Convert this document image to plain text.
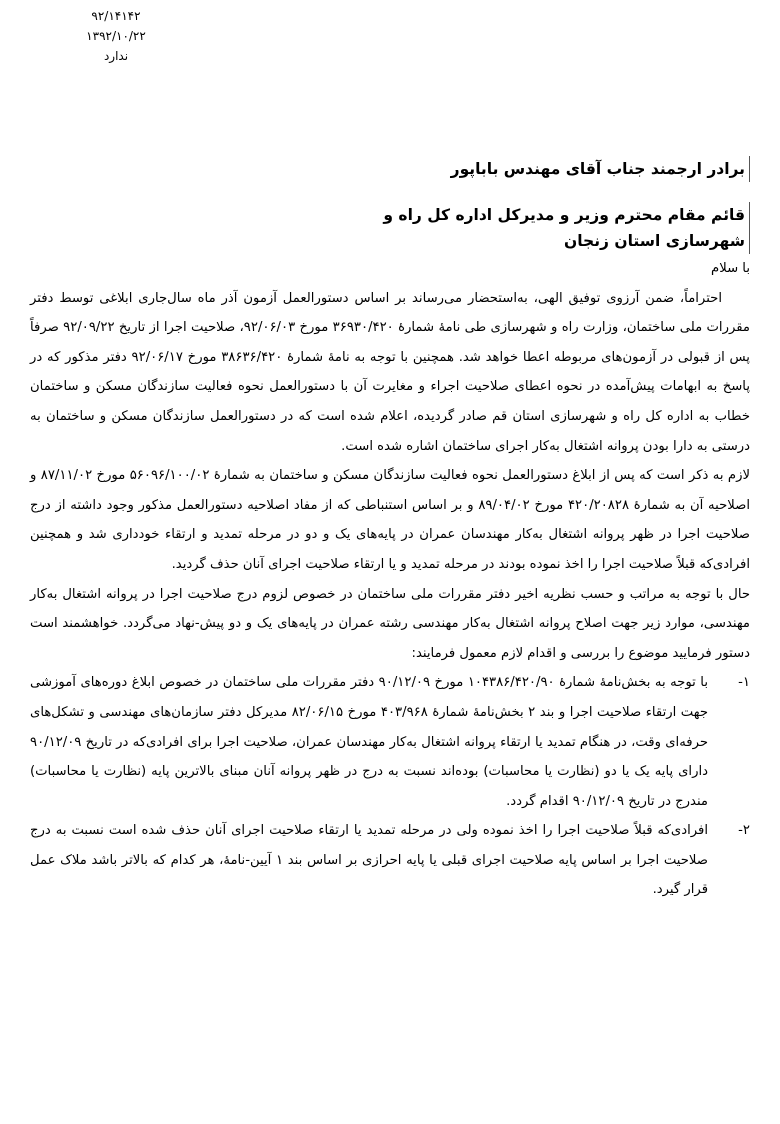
۹۲/۱۴۱۴۲
۱۳۹۲/۱۰/۲۲
ندارد
برادر ارجمند جناب آقای مهندس باباپور
قائم مقام محترم وزیر و مدیرکل اداره کل راه و شهرسازی استان زنجان

با سلام

احتراماً، ضمن آرزوی توفیق الهی، به‌استحضار می‌رساند بر اساس دستورالعمل آزمون آذر ماه سال‌جاری ابلاغی توسط دفتر مقررات ملی ساختمان، وزارت راه و شهرسازی طی نامهٔ شمارهٔ ۳۶۹۳۰/۴۲۰ مورخ ۹۲/۰۶/۰۳، صلاحیت اجرا از تاریخ ۹۲/۰۹/۲۲ صرفاً پس از قبولی در آزمون‌های مربوطه اعطا خواهد شد. همچنین با توجه به نامهٔ شمارهٔ ۳۸۶۳۶/۴۲۰ مورخ ۹۲/۰۶/۱۷ دفتر مذکور که در پاسخ به ابهامات پیش‌آمده در نحوه اعطای صلاحیت اجراء و مغایرت آن با دستورالعمل نحوه فعالیت سازندگان مسکن و ساختمان خطاب به اداره کل راه و شهرسازی استان قم صادر گردیده، اعلام شده است که در دستورالعمل سازندگان مسکن و ساختمان به درستی به دارا بودن پروانه اشتغال به‌کار اجرای ساختمان اشاره شده است.

لازم به ذکر است که پس از ابلاغ دستورالعمل نحوه فعالیت سازندگان مسکن و ساختمان به شمارهٔ ۵۶۰۹۶/۱۰۰/۰۲ مورخ ۸۷/۱۱/۰۲ و اصلاحیه آن به شمارهٔ ۴۲۰/۲۰۸۲۸ مورخ ۸۹/۰۴/۰۲ و بر اساس استنباطی که از مفاد اصلاحیه دستورالعمل مذکور وجود داشته از درج صلاحیت اجرا در ظهر پروانه اشتغال به‌کار مهندسان عمران در پایه‌های یک و دو در مرحله تمدید و ارتقاء خودداری شد و همچنین افرادی‌که قبلاً صلاحیت اجرا را اخذ نموده بودند در مرحله تمدید و یا ارتقاء صلاحیت اجرای آنان حذف گردید.

حال با توجه به مراتب و حسب نظریه اخیر دفتر مقررات ملی ساختمان در خصوص لزوم درج صلاحیت اجرا در پروانه اشتغال به‌کار مهندسی، موارد زیر جهت اصلاح پروانه اشتغال به‌کار مهندسی رشته عمران در پایه‌های یک و دو پیش-نهاد می‌گردد. خواهشمند است دستور فرمایید موضوع را بررسی و اقدام لازم معمول فرمایند:

۱-
با توجه به بخش‌نامهٔ شمارهٔ ۱۰۴۳۸۶/۴۲۰/۹۰ مورخ ۹۰/۱۲/۰۹ دفتر مقررات ملی ساختمان در خصوص ابلاغ دوره‌های آموزشی جهت ارتقاء صلاحیت اجرا و بند ۲ بخش‌نامهٔ شمارهٔ ۴۰۳/۹۶۸ مورخ ۸۲/۰۶/۱۵ مدیرکل دفتر سازمان‌های مهندسی و تشکل‌های حرفه‌ای وقت، در هنگام تمدید یا ارتقاء پروانه اشتغال به‌کار مهندسان عمران، صلاحیت اجرا برای افرادی‌که در تاریخ ۹۰/۱۲/۰۹ دارای پایه یک یا دو (نظارت یا محاسبات) بوده‌اند نسبت به درج در ظهر پروانه آنان مبنای بالاترین پایه (نظارت یا محاسبات) مندرج در تاریخ ۹۰/۱۲/۰۹ اقدام گردد.
۲-
افرادی‌که قبلاً صلاحیت اجرا را اخذ نموده ولی در مرحله تمدید یا ارتقاء صلاحیت اجرای آنان حذف شده است نسبت به درج صلاحیت اجرا بر اساس پایه صلاحیت اجرای قبلی یا پایه احرازی بر اساس بند ۱ آیین-نامهٔ، هر کدام که بالاتر باشد ملاک عمل قرار گیرد.
